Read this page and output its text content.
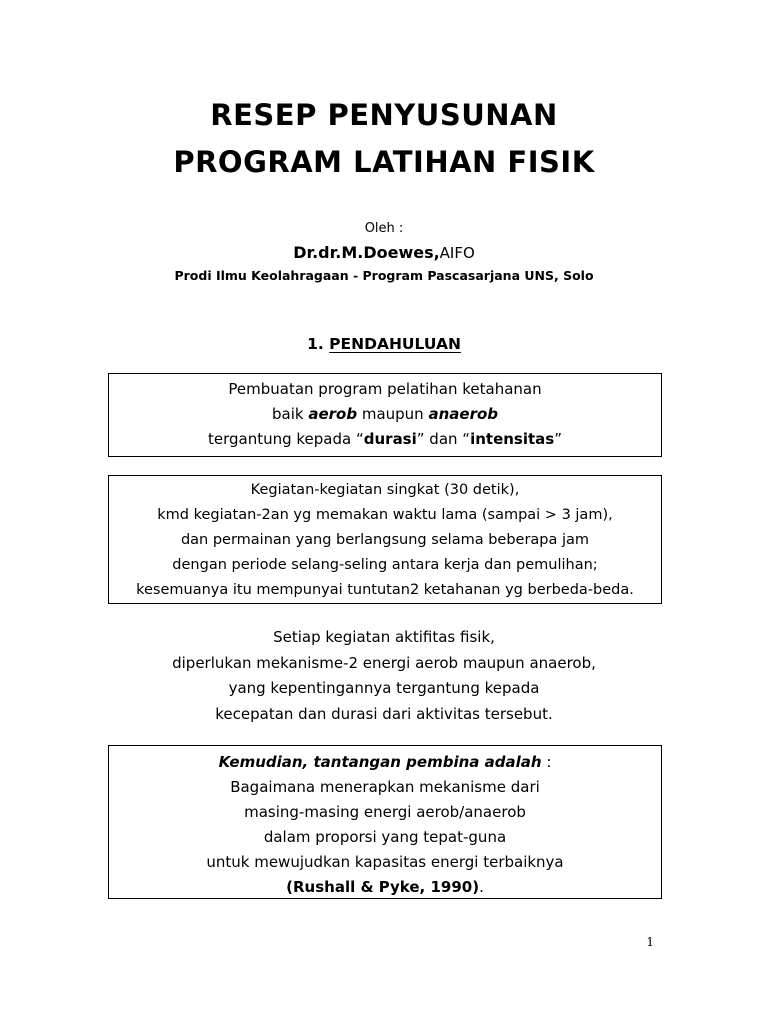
RESEP PENYUSUNAN
PROGRAM LATIHAN FISIK
Oleh :
Dr.dr.M.Doewes,AIFO
Prodi Ilmu Keolahragaan - Program Pascasarjana UNS, Solo
1. PENDAHULUAN
Pembuatan program pelatihan ketahanan
baik aerob maupun anaerob
tergantung kepada “durasi” dan “intensitas”
Kegiatan-kegiatan singkat (30 detik),
kmd kegiatan-2an yg memakan waktu lama (sampai > 3 jam),
dan permainan yang berlangsung selama beberapa jam
dengan periode selang-seling antara kerja dan pemulihan;
kesemuanya itu mempunyai tuntutan2 ketahanan yg berbeda-beda.
Setiap kegiatan aktifitas fisik,
diperlukan mekanisme-2 energi aerob maupun anaerob,
yang kepentingannya tergantung kepada
kecepatan dan durasi dari aktivitas tersebut.
Kemudian, tantangan pembina adalah :
Bagaimana menerapkan mekanisme dari
masing-masing energi aerob/anaerob
dalam proporsi yang tepat-guna
untuk mewujudkan kapasitas energi terbaiknya
(Rushall & Pyke, 1990).
1
